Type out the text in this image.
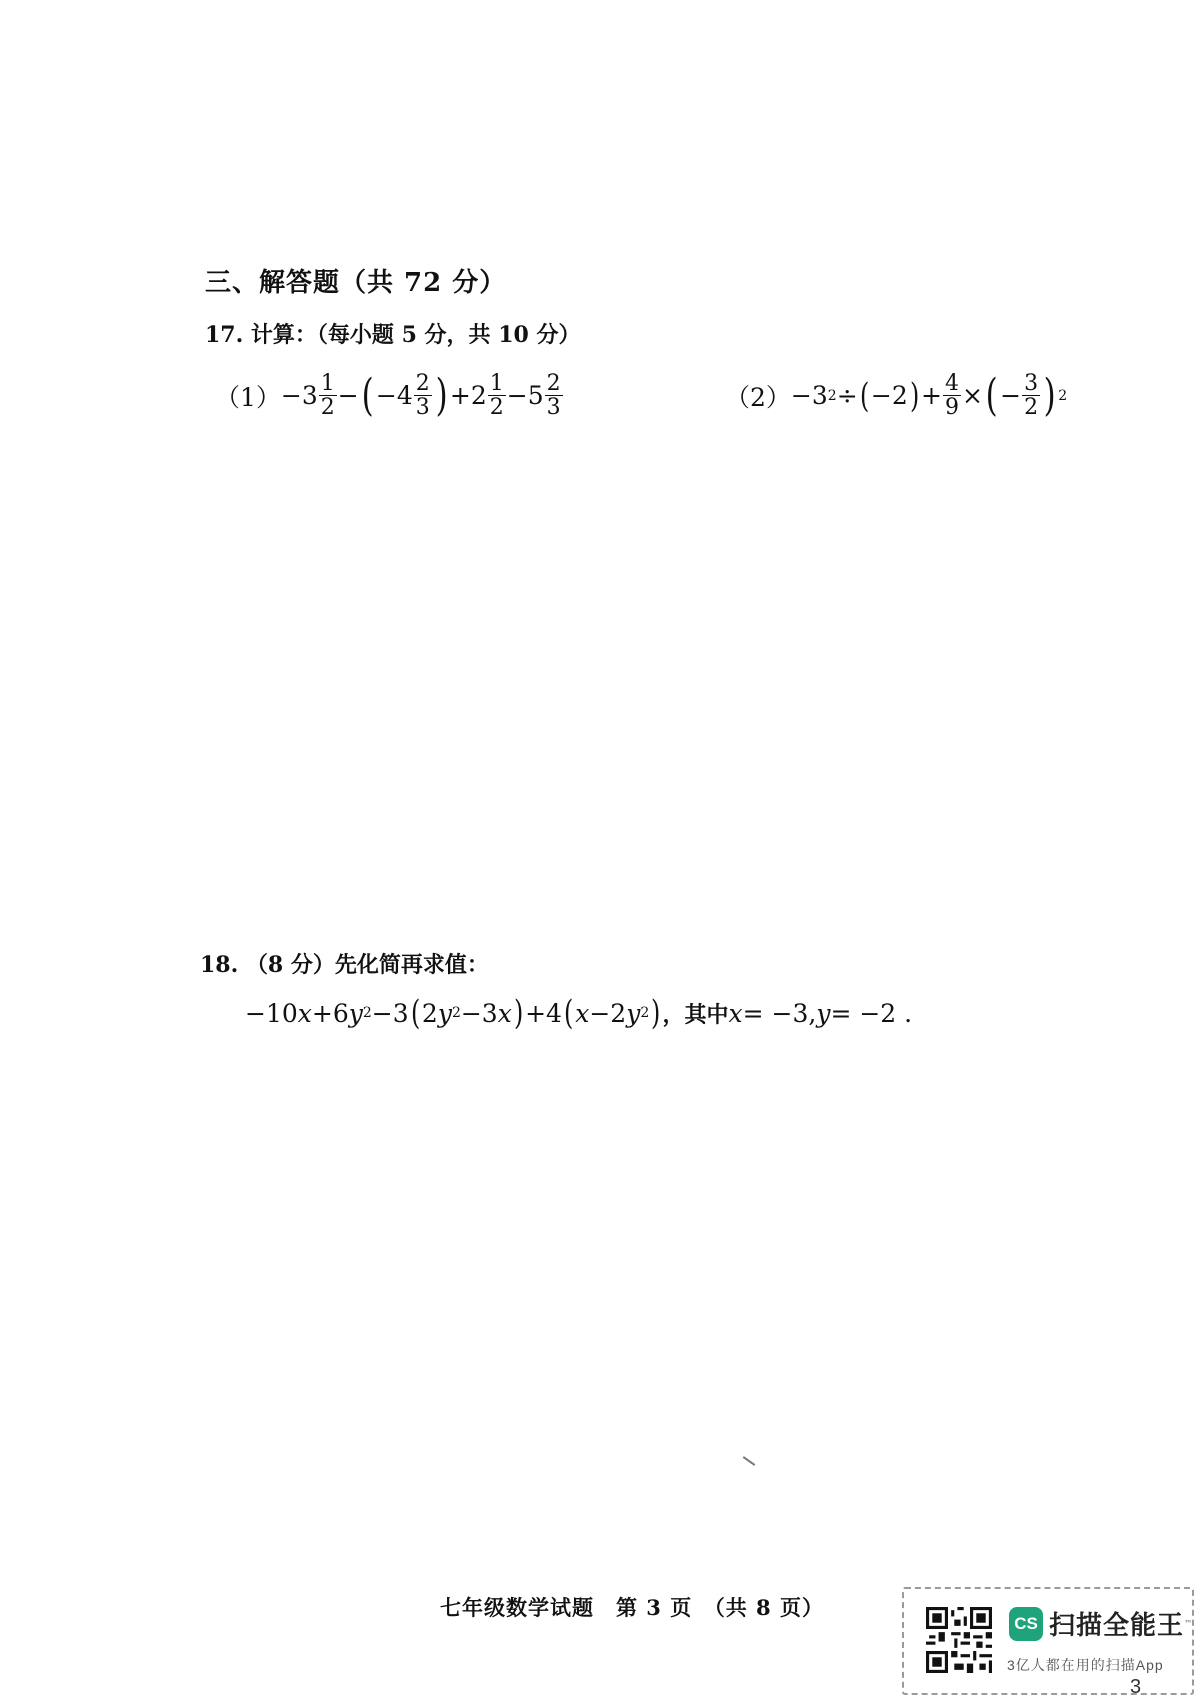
三、解答题（共 72 分）
17. 计算：（每小题 5 分，共 10 分）
$(1) -3 \frac{1}{2}$ − ( $-4 \frac{2}{3}$ ) + $2 \frac{1}{2} - 5 \frac{2}{3}$	（2） −3 2 ÷ ( −2 ) + $\frac{4}{9}$ × ( − $\frac{3}{2}$ ) 2
18. （8 分）先化简再求值：
−10 x +6 y 2 −3 ( 2 y 2 −3 x ) +4 ( x −2 y 2 ) ，其中 x = −3, y = −2 .
七年级数学试题　第 3 页　（共 8 页）
CS 扫描全能王 ™
3亿人都在用的扫描App
3
